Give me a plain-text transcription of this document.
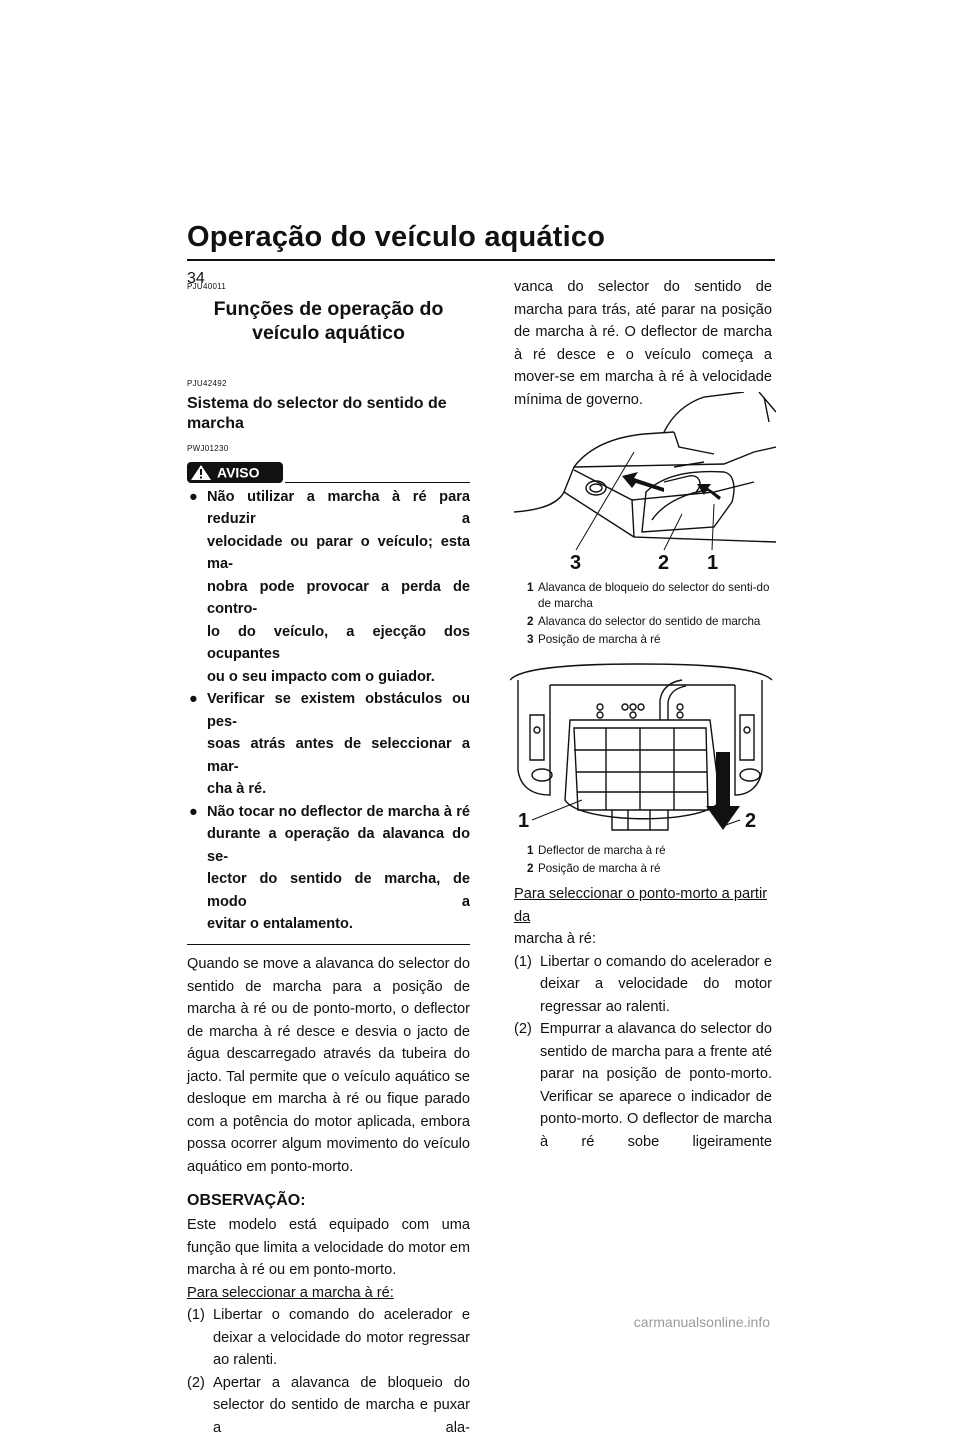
Operação do veículo aquático
34
PJU40011
Funções de operação do
veículo aquático
PJU42492
Sistema do selector do sentido de
marcha
PWJ01230
AVISO
● Não utilizar a marcha à ré para reduzir a
velocidade ou parar o veículo; esta ma-
nobra pode provocar a perda de contro-
lo do veículo, a ejecção dos ocupantes
ou o seu impacto com o guiador.
● Verificar se existem obstáculos ou pes-
soas atrás antes de seleccionar a mar-
cha à ré.
● Não tocar no deflector de marcha à ré
durante a operação da alavanca do se-
lector do sentido de marcha, de modo a
evitar o entalamento.
Quando se move a alavanca do selector do sentido de marcha para a posição de marcha à ré ou de ponto-morto, o deflector de marcha à ré desce e desvia o jacto de água descarregado através da tubeira do jacto. Tal permite que o veículo aquático se desloque em marcha à ré ou fique parado com a potência do motor aplicada, embora possa ocorrer algum movimento do veículo aquático em ponto-morto.
OBSERVAÇÃO:
Este modelo está equipado com uma função que limita a velocidade do motor em marcha à ré ou em ponto-morto.
Para seleccionar a marcha à ré:
(1) Libertar o comando do acelerador e deixar a velocidade do motor regressar ao ralenti.
(2) Apertar a alavanca de bloqueio do selector do sentido de marcha e puxar a ala-
vanca do selector do sentido de marcha para trás, até parar na posição de marcha à ré. O deflector de marcha à ré desce e o veículo começa a mover-se em marcha à ré à velocidade mínima de governo.
3	2 1
1 Alavanca de bloqueio do selector do senti-do de marcha
2 Alavanca do selector do sentido de marcha
3 Posição de marcha à ré
1	2
1 Deflector de marcha à ré
2 Posição de marcha à ré
Para seleccionar o ponto-morto a partir da
marcha à ré:
(1) Libertar o comando do acelerador e deixar a velocidade do motor regressar ao ralenti.
(2) Empurrar a alavanca do selector do sentido de marcha para a frente até parar na posição de ponto-morto. Verificar se aparece o indicador de ponto-morto. O deflector de marcha à ré sobe ligeiramente
carmanualsonline.info
